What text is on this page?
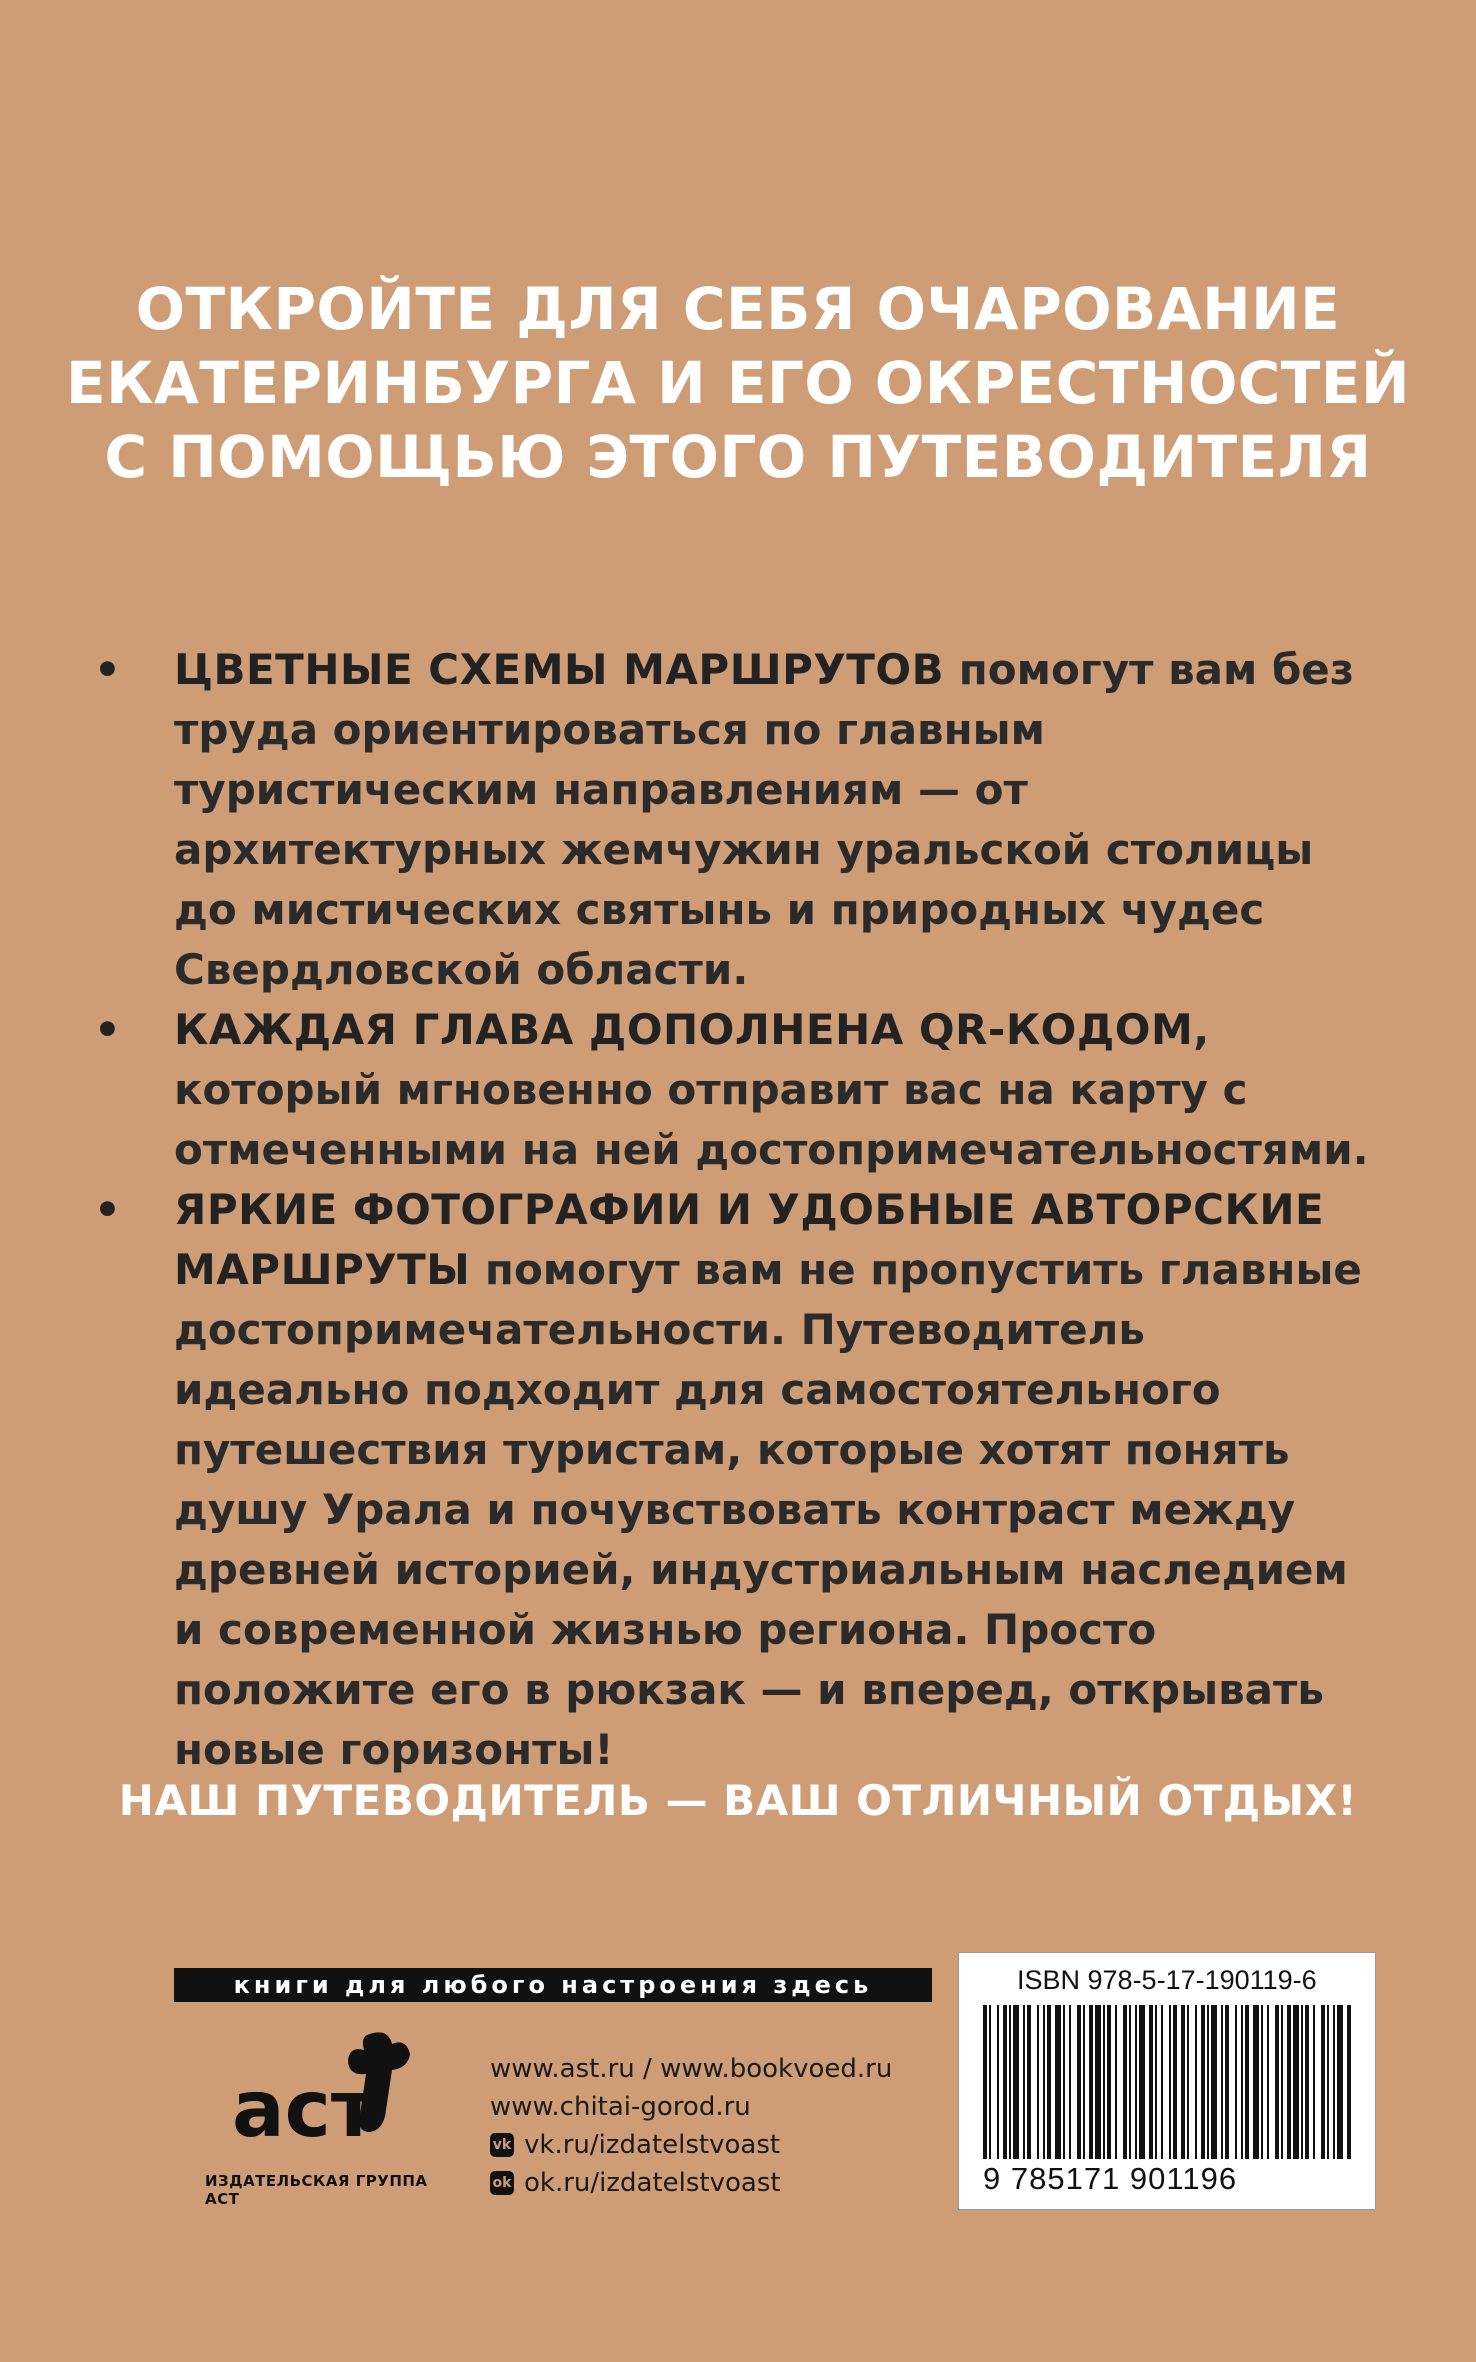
ОТКРОЙТЕ ДЛЯ СЕБЯ ОЧАРОВАНИЕ
ЕКАТЕРИНБУРГА И ЕГО ОКРЕСТНОСТЕЙ
С ПОМОЩЬЮ ЭТОГО ПУТЕВОДИТЕЛЯ
• ЦВЕТНЫЕ СХЕМЫ МАРШРУТОВ помогут вам без труда ориентироваться по главным туристическим направлениям — от архитектурных жемчужин уральской столицы до мистических святынь и природных чудес Свердловской области.
• КАЖДАЯ ГЛАВА ДОПОЛНЕНА QR-КОДОМ, который мгновенно отправит вас на карту с отмеченными на ней достопримечательностями.
• ЯРКИЕ ФОТОГРАФИИ И УДОБНЫЕ АВТОРСКИЕ МАРШРУТЫ помогут вам не пропустить главные достопримечательности. Путеводитель идеально подходит для самостоятельного путешествия туристам, которые хотят понять душу Урала и почувствовать контраст между древней историей, индустриальным наследием и современной жизнью региона. Просто положите его в рюкзак — и вперед, открывать новые горизонты!
НАШ ПУТЕВОДИТЕЛЬ — ВАШ ОТЛИЧНЫЙ ОТДЫХ!
книги для любого настроения здесь
аст
ИЗДАТЕЛЬСКАЯ ГРУППА АСТ
www.ast.ru / www.bookvoed.ru
www.chitai-gorod.ru
vk vk.ru/izdatelstvoast
ok ok.ru/izdatelstvoast
ISBN 978-5-17-190119-6
9 785171 901196
